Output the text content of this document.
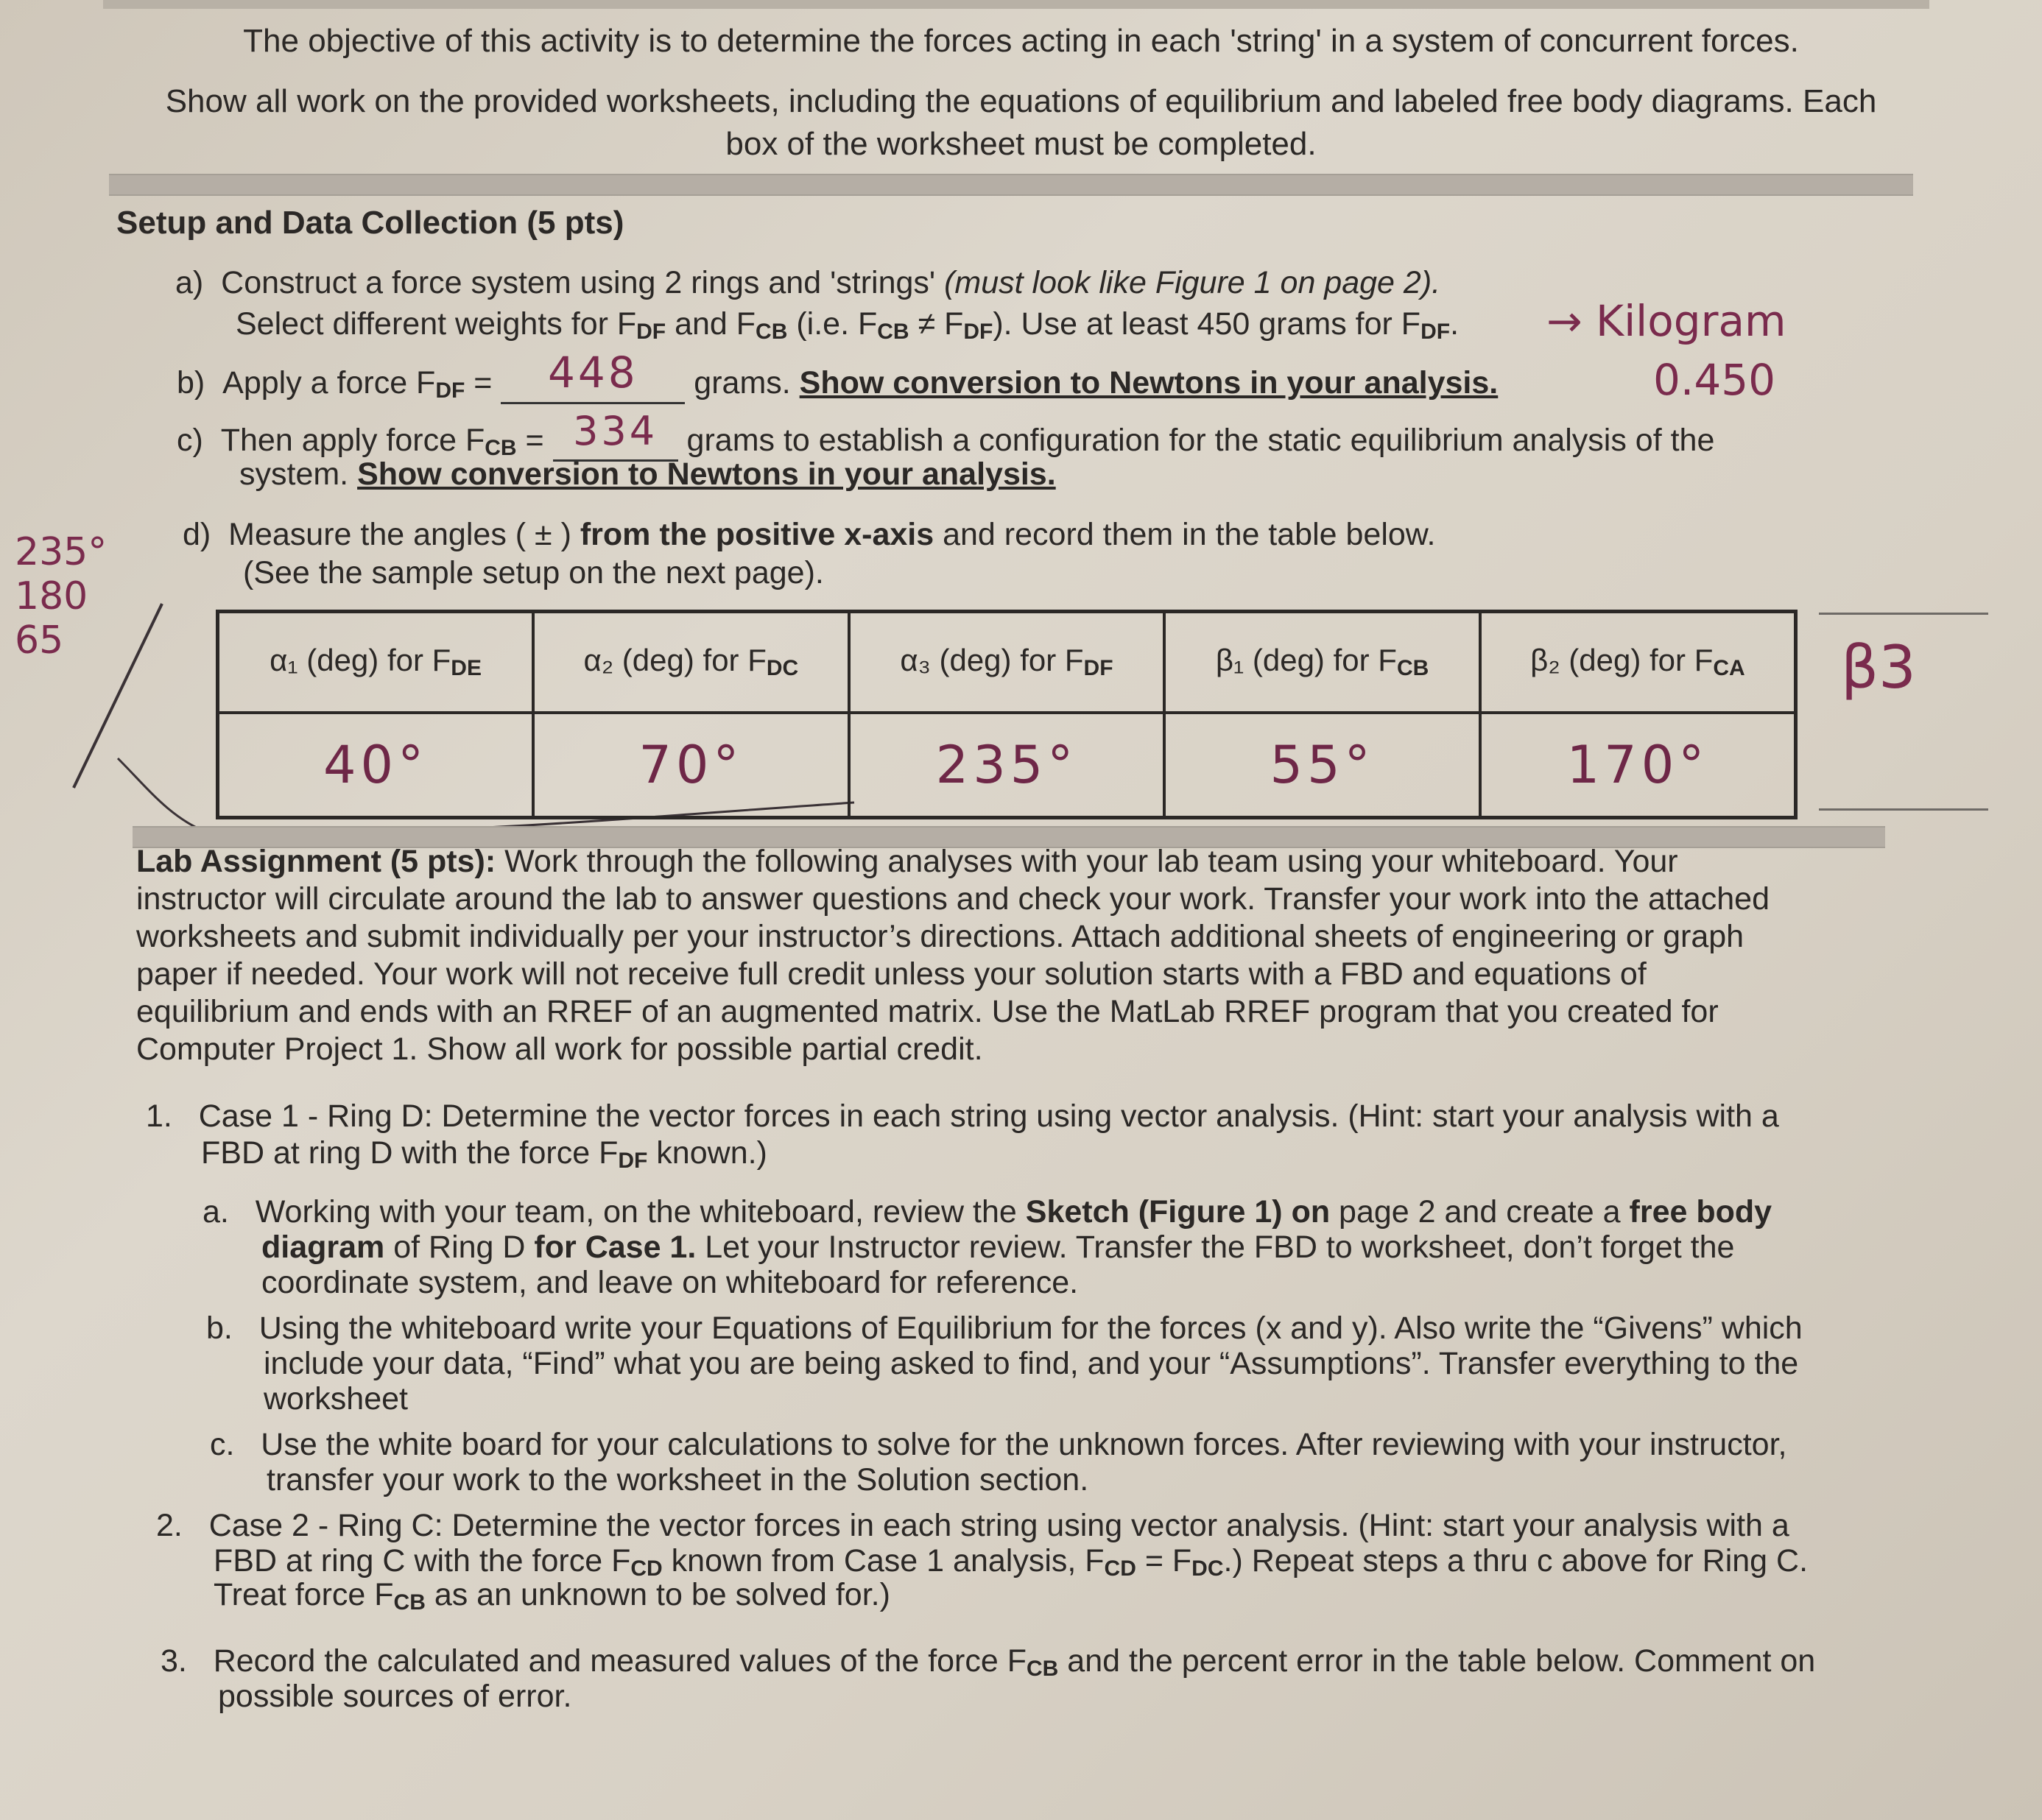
The objective of this activity is to determine the forces acting in each 'string' in a system of concurrent forces.
Show all work on the provided worksheets, including the equations of equilibrium and labeled free body diagrams. Each
box of the worksheet must be completed.
Setup and Data Collection (5 pts)
a) Construct a force system using 2 rings and 'strings' (must look like Figure 1 on page 2).
Select different weights for $F_{DF}$ and $F_{CB}$ (i.e. $F_{CB} \ne F_{DF}$). Use at least 450 grams for $F_{DF}$. → Kilogram
b) Apply a force $F_{DF} = 448$ grams. Show conversion to Newtons in your analysis.	0.450
c) Then apply force $F_{CB} = 334$ grams to establish a configuration for the static equilibrium analysis of the
system. Show conversion to Newtons in your analysis.
d) Measure the angles ( ± ) from the positive x-axis and record them in the table below.
(See the sample setup on the next page).
235° 180 65	α₁ (deg) for $F_{DE}$	α₂ (deg) for $F_{DC}$	α₃ (deg) for $F_{DF}$	β₁ (deg) for $F_{CB}$	β₂ (deg) for $F_{CA}$
40°	70°	235°	55°	170°
β3
Lab Assignment (5 pts): Work through the following analyses with your lab team using your whiteboard. Your
instructor will circulate around the lab to answer questions and check your work. Transfer your work into the attached
worksheets and submit individually per your instructor’s directions. Attach additional sheets of engineering or graph
paper if needed. Your work will not receive full credit unless your solution starts with a FBD and equations of
equilibrium and ends with an RREF of an augmented matrix. Use the MatLab RREF program that you created for
Computer Project 1. Show all work for possible partial credit.
1. Case 1 - Ring D: Determine the vector forces in each string using vector analysis. (Hint: start your analysis with a
FBD at ring D with the force $F_{DF}$ known.)
a. Working with your team, on the whiteboard, review the Sketch (Figure 1) on page 2 and create a free body
diagram of Ring D for Case 1. Let your Instructor review. Transfer the FBD to worksheet, don’t forget the
coordinate system, and leave on whiteboard for reference.
b. Using the whiteboard write your Equations of Equilibrium for the forces (x and y). Also write the “Givens” which
include your data, “Find” what you are being asked to find, and your “Assumptions”. Transfer everything to the
worksheet
c. Use the white board for your calculations to solve for the unknown forces. After reviewing with your instructor,
transfer your work to the worksheet in the Solution section.
2. Case 2 - Ring C: Determine the vector forces in each string using vector analysis. (Hint: start your analysis with a
FBD at ring C with the force $F_{CD}$ known from Case 1 analysis, $F_{CD} = F_{DC}$.) Repeat steps a thru c above for Ring C.
Treat force $F_{CB}$ as an unknown to be solved for.)
3. Record the calculated and measured values of the force $F_{CB}$ and the percent error in the table below. Comment on
possible sources of error.
